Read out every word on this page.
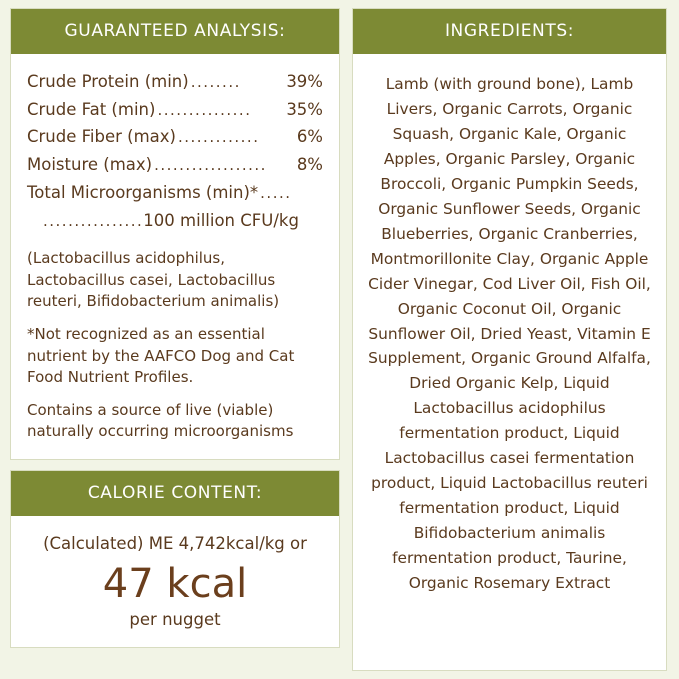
GUARANTEED ANALYSIS:
Crude Protein (min) ........	39%
Crude Fat (min) ...............	35%
Crude Fiber (max) .............	6%
Moisture (max) ..................	8%
Total Microorganisms (min)* .....
................100 million CFU/kg

(Lactobacillus acidophilus, Lactobacillus casei, Lactobacillus reuteri, Bifidobacterium animalis)

*Not recognized as an essential nutrient by the AAFCO Dog and Cat Food Nutrient Profiles.

Contains a source of live (viable) naturally occurring microorganisms

CALORIE CONTENT:
(Calculated) ME 4,742kcal/kg or
47 kcal
per nugget
INGREDIENTS:
Lamb (with ground bone), Lamb Livers, Organic Carrots, Organic Squash, Organic Kale, Organic Apples, Organic Parsley, Organic Broccoli, Organic Pumpkin Seeds, Organic Sunflower Seeds, Organic Blueberries, Organic Cranberries, Montmorillonite Clay, Organic Apple Cider Vinegar, Cod Liver Oil, Fish Oil, Organic Coconut Oil, Organic Sunflower Oil, Dried Yeast, Vitamin E Supplement, Organic Ground Alfalfa, Dried Organic Kelp, Liquid Lactobacillus acidophilus fermentation product, Liquid Lactobacillus casei fermentation product, Liquid Lactobacillus reuteri fermentation product, Liquid Bifidobacterium animalis fermentation product, Taurine, Organic Rosemary Extract
